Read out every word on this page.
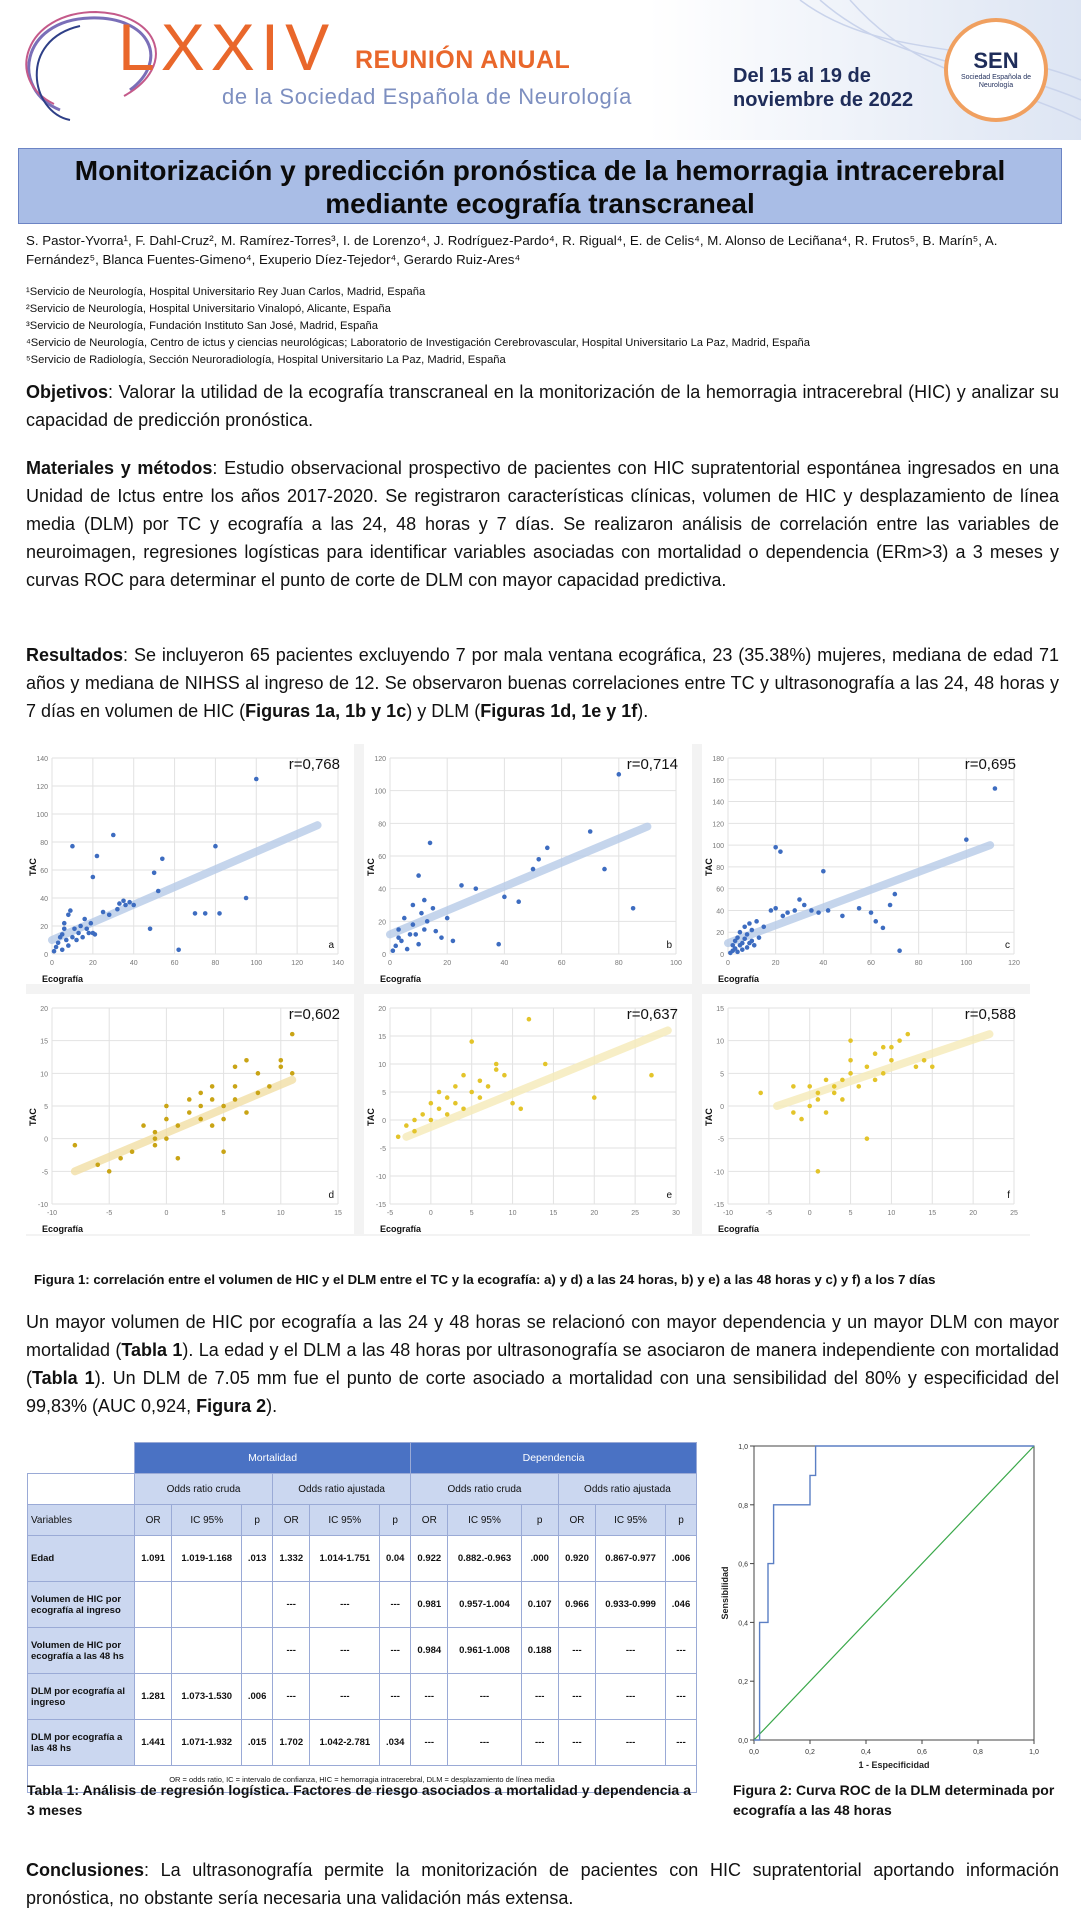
LXXIV REUNIÓN ANUAL
de la Sociedad Española de Neurología
Del 15 al 19 de
noviembre de 2022
SEN
Sociedad Española de Neurología
Monitorización y predicción pronóstica de la hemorragia intracerebral
mediante ecografía transcraneal
S. Pastor-Yvorra¹, F. Dahl-Cruz², M. Ramírez-Torres³, I. de Lorenzo⁴, J. Rodríguez-Pardo⁴, R. Rigual⁴, E. de Celis⁴, M. Alonso de Leciñana⁴, R. Frutos⁵, B. Marín⁵, A.
Fernández⁵, Blanca Fuentes-Gimeno⁴, Exuperio Díez-Tejedor⁴, Gerardo Ruiz-Ares⁴
¹Servicio de Neurología, Hospital Universitario Rey Juan Carlos, Madrid, España
²Servicio de Neurología, Hospital Universitario Vinalopó, Alicante, España
³Servicio de Neurología, Fundación Instituto San José, Madrid, España
⁴Servicio de Neurología, Centro de ictus y ciencias neurológicas; Laboratorio de Investigación Cerebrovascular, Hospital Universitario La Paz, Madrid, España
⁵Servicio de Radiología, Sección Neuroradiología, Hospital Universitario La Paz, Madrid, España
Objetivos: Valorar la utilidad de la ecografía transcraneal en la monitorización de la hemorragia intracerebral (HIC) y analizar su capacidad de predicción pronóstica.
Materiales y métodos: Estudio observacional prospectivo de pacientes con HIC supratentorial espontánea ingresados en una Unidad de Ictus entre los años 2017-2020. Se registraron características clínicas, volumen de HIC y desplazamiento de línea media (DLM) por TC y ecografía a las 24, 48 horas y 7 días. Se realizaron análisis de correlación entre las variables de neuroimagen, regresiones logísticas para identificar variables asociadas con mortalidad o dependencia (ERm>3) a 3 meses y curvas ROC para determinar el punto de corte de DLM con mayor capacidad predictiva.
Resultados: Se incluyeron 65 pacientes excluyendo 7 por mala ventana ecográfica, 23 (35.38%) mujeres, mediana de edad 71 años y mediana de NIHSS al ingreso de 12. Se observaron buenas correlaciones entre TC y ultrasonografía a las 24, 48 horas y 7 días en volumen de HIC (Figuras 1a, 1b y 1c) y DLM (Figuras 1d, 1e y 1f).
0
20
40
60
80
100
120
140
0	20	40	60	80	100	120	140
r=0,768
a
TAC
Ecografía
0
20
40
60
80
100
120
0	20	40	60	80	100
r=0,714
b
TAC
Ecografía
0
20
40
60
80
100
120
140
160
180
0	20	40	60	80	100	120
r=0,695
c
TAC
Ecografía
-10
-5
0
5
10
15
20
-10	-5	0	5	10	15
r=0,602
d
TAC
Ecografía
-15
-10
-5
0
5
10
15
20
-5	0	5	10	15	20	25	30
r=0,637
e
TAC
Ecografía
-15
-10
-5
0
5
10
15
-10	-5	0	5	10	15	20	25
r=0,588
f
TAC
Ecografía
Figura 1: correlación entre el volumen de HIC y el DLM entre el TC y la ecografía: a) y d) a las 24 horas, b) y e) a las 48 horas y c) y f) a los 7 días
Un mayor volumen de HIC por ecografía a las 24 y 48 horas se relacionó con mayor dependencia y un mayor DLM con mayor mortalidad (Tabla 1). La edad y el DLM a las 48 horas por ultrasonografía se asociaron de manera independiente con mortalidad (Tabla 1). Un DLM de 7.05 mm fue el punto de corte asociado a mortalidad con una sensibilidad del 80% y especificidad del 99,83% (AUC 0,924, Figura 2).
	Mortalidad						Dependencia					
	Odds ratio cruda			Odds ratio ajustada			Odds ratio cruda			Odds ratio ajustada		
Variables	OR	IC 95%	p	OR	IC 95%	p	OR	IC 95%	p	OR	IC 95%	p
Edad	1.091	1.019-1.168	.013	1.332	1.014-1.751	0.04	0.922	0.882.-0.963	.000	0.920	0.867-0.977	.006
Volumen de HIC por ecografía al ingreso				---	---	---	0.981	0.957-1.004	0.107	0.966	0.933-0.999	.046
Volumen de HIC por ecografía a las 48 hs				---	---	---	0.984	0.961-1.008	0.188	---	---	---
DLM por ecografía al ingreso	1.281	1.073-1.530	.006	---	---	---	---	---	---	---	---	---
DLM por ecografía a las 48 hs	1.441	1.071-1.932	.015	1.702	1.042-2.781	.034	---	---	---	---	---	---
OR = odds ratio, IC = intervalo de confianza, HIC = hemorragia intracerebral, DLM = desplazamiento de línea media												
Tabla 1: Análisis de regresión logística. Factores de riesgo asociados a mortalidad y dependencia a 3 meses
0,0	0,2	0,4	0,6	0,8	1,0
0,0
0,2
0,4
0,6
0,8
1,0
1 - Especificidad
Sensibilidad
Figura 2: Curva ROC de la DLM determinada por ecografía a las 48 horas
Conclusiones: La ultrasonografía permite la monitorización de pacientes con HIC supratentorial aportando información pronóstica, no obstante sería necesaria una validación más extensa.
